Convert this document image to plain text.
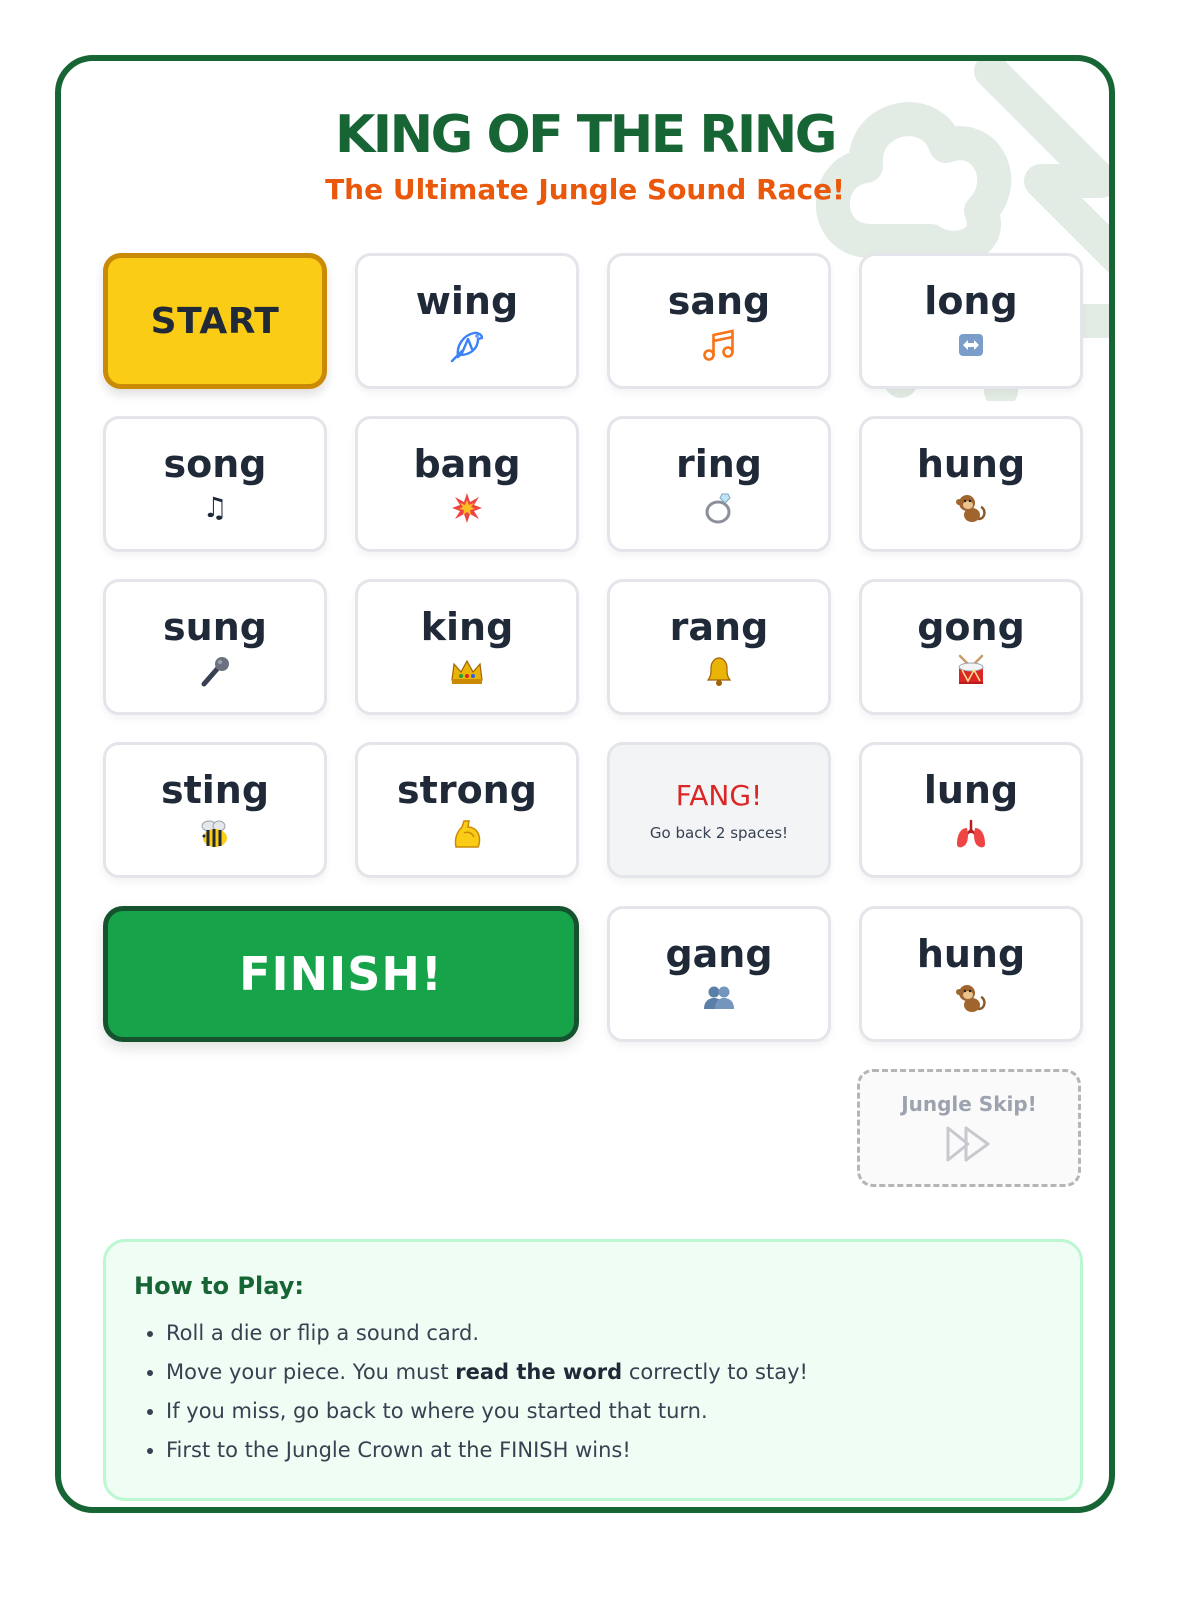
KING OF THE RING
The Ultimate Jungle Sound Race!
START	wing	sang	long
song
♫
bang	ring	hung
sung	king	rang	gong
sting	strong	FANG!
Go back 2 spaces!
lung
FINISH!	gang	hung
Jungle Skip!
How to Play:
• Roll a die or flip a sound card.
• Move your piece. You must read the word correctly to stay!
• If you miss, go back to where you started that turn.
• First to the Jungle Crown at the FINISH wins!
